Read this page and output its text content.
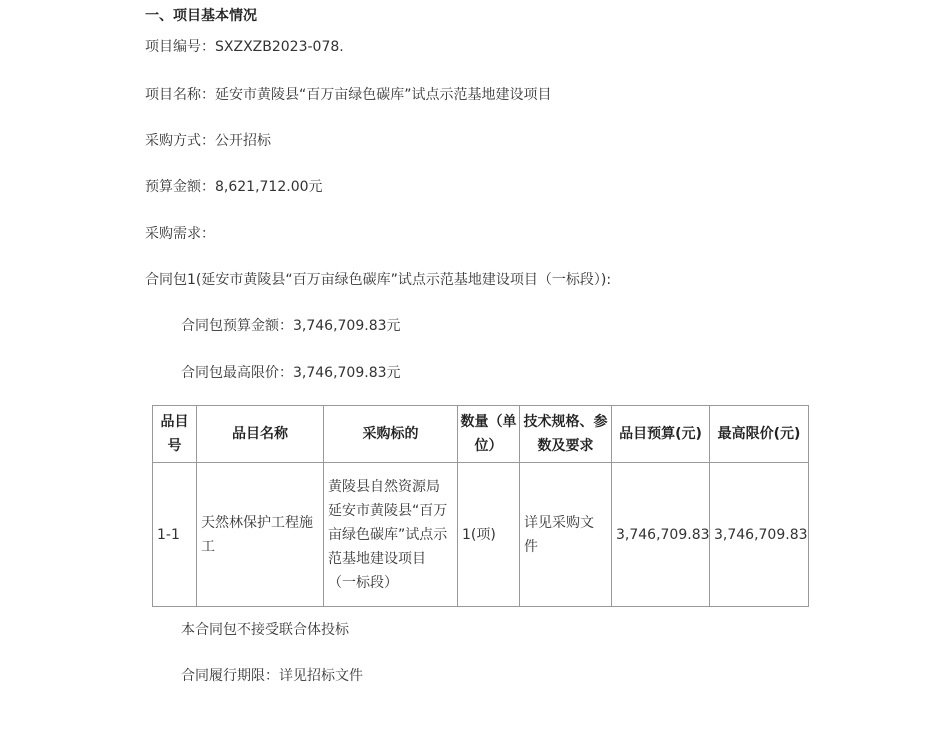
一、项目基本情况
项目编号：SXZXZB2023-078.
项目名称：延安市黄陵县“百万亩绿色碳库”试点示范基地建设项目
采购方式：公开招标
预算金额：8,621,712.00元
采购需求：
合同包1(延安市黄陵县“百万亩绿色碳库”试点示范基地建设项目（一标段）):
合同包预算金额：3,746,709.83元
合同包最高限价：3,746,709.83元
品目号	品目名称	采购标的	数量（单位）	技术规格、参数及要求	品目预算(元)	最高限价(元)
1-1	天然林保护工程施工	黄陵县自然资源局延安市黄陵县“百万亩绿色碳库”试点示范基地建设项目（一标段）	1(项)	详见采购文件	3,746,709.83	3,746,709.83
本合同包不接受联合体投标
合同履行期限：详见招标文件
